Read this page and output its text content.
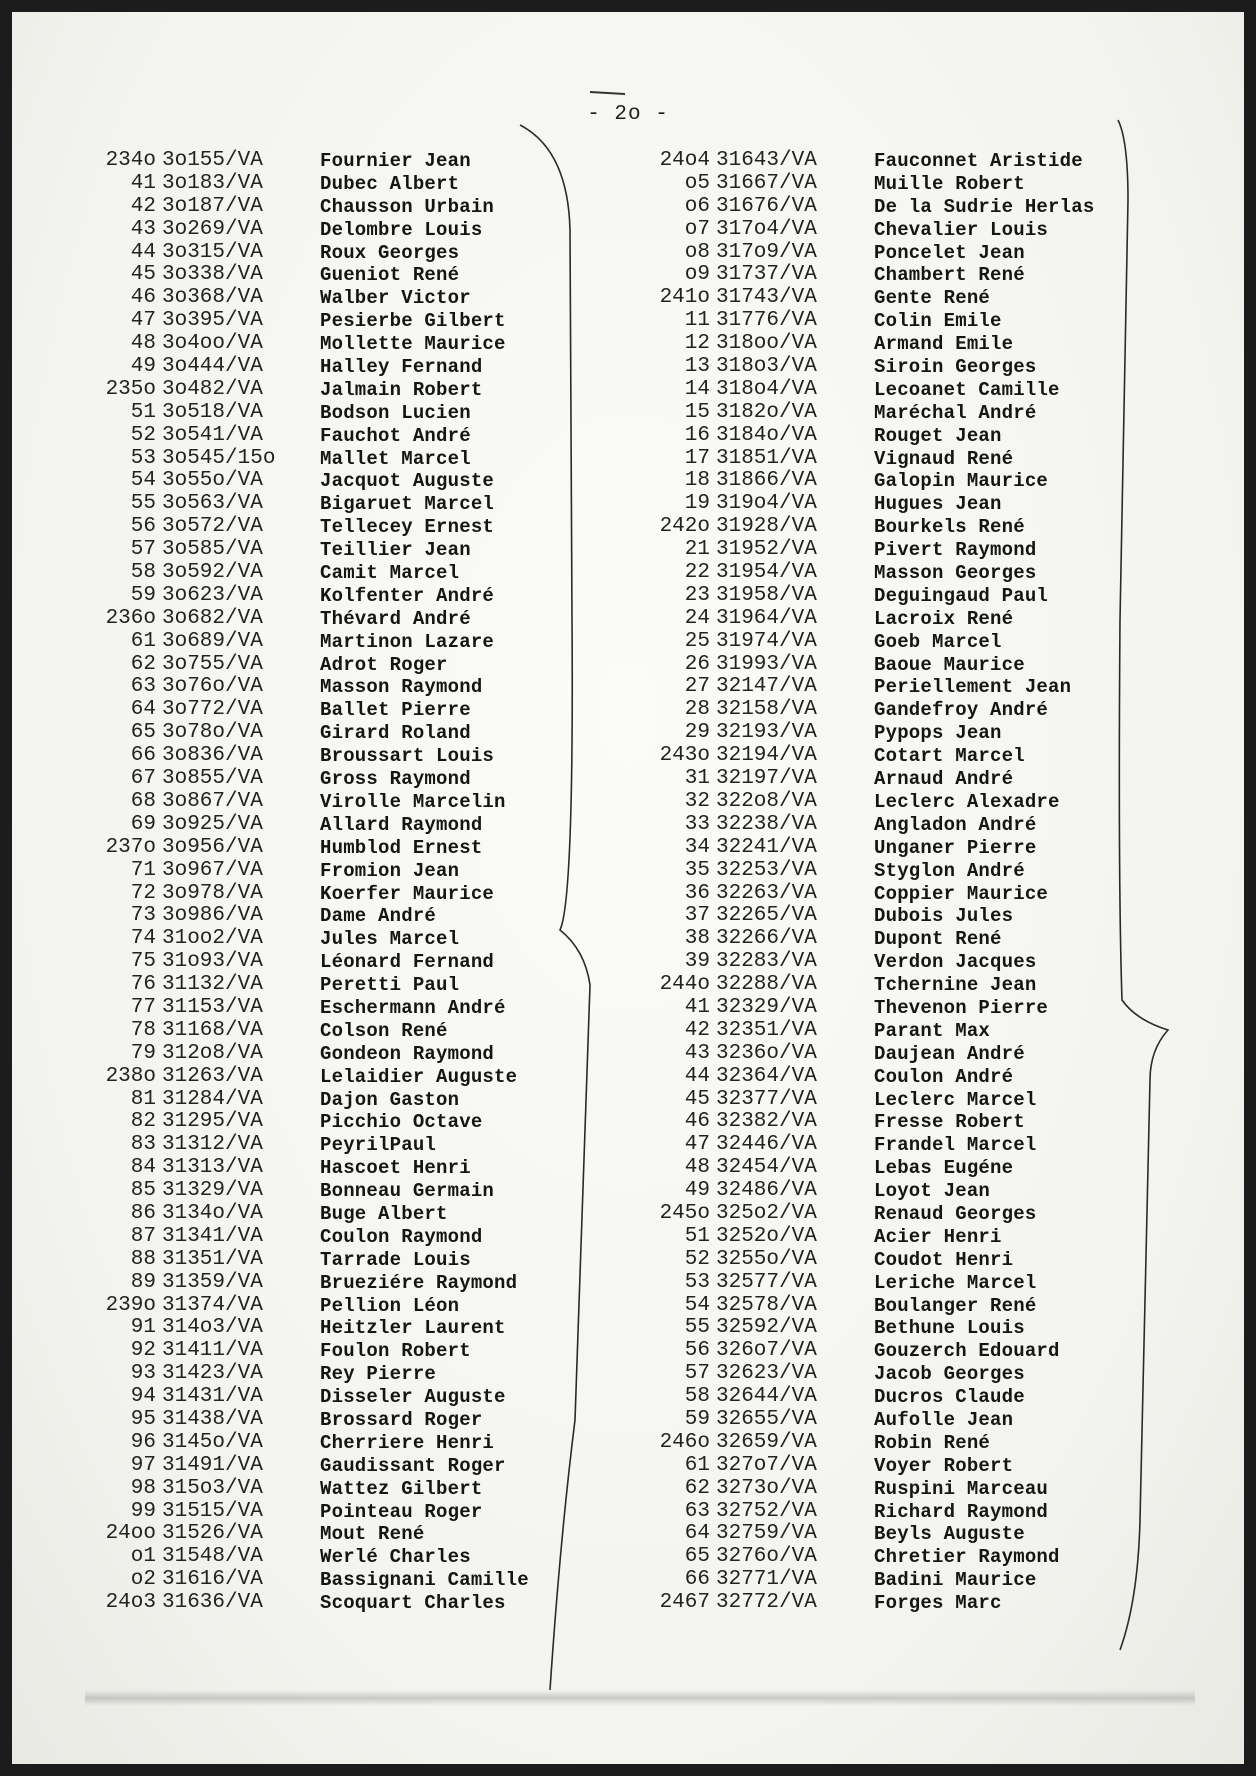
- 2o -
234o 3o155/VA	Fournier Jean
41 3o183/VA	Dubec Albert
42 3o187/VA	Chausson Urbain
43 3o269/VA	Delombre Louis
44 3o315/VA	Roux Georges
45 3o338/VA	Gueniot René
46 3o368/VA	Walber Victor
47 3o395/VA	Pesierbe Gilbert
48 3o4oo/VA	Mollette Maurice
49 3o444/VA	Halley Fernand
235o 3o482/VA	Jalmain Robert
51 3o518/VA	Bodson Lucien
52 3o541/VA	Fauchot André
53 3o545/15o	Mallet Marcel
54 3o55o/VA	Jacquot Auguste
55 3o563/VA	Bigaruet Marcel
56 3o572/VA	Tellecey Ernest
57 3o585/VA	Teillier Jean
58 3o592/VA	Camit Marcel
59 3o623/VA	Kolfenter André
236o 3o682/VA	Thévard André
61 3o689/VA	Martinon Lazare
62 3o755/VA	Adrot Roger
63 3o76o/VA	Masson Raymond
64 3o772/VA	Ballet Pierre
65 3o78o/VA	Girard Roland
66 3o836/VA	Broussart Louis
67 3o855/VA	Gross Raymond
68 3o867/VA	Virolle Marcelin
69 3o925/VA	Allard Raymond
237o 3o956/VA	Humblod Ernest
71 3o967/VA	Fromion Jean
72 3o978/VA	Koerfer Maurice
73 3o986/VA	Dame André
74 31oo2/VA	Jules Marcel
75 31o93/VA	Léonard Fernand
76 31132/VA	Peretti Paul
77 31153/VA	Eschermann André
78 31168/VA	Colson René
79 312o8/VA	Gondeon Raymond
238o 31263/VA	Lelaidier Auguste
81 31284/VA	Dajon Gaston
82 31295/VA	Picchio Octave
83 31312/VA	PeyrilPaul
84 31313/VA	Hascoet Henri
85 31329/VA	Bonneau Germain
86 3134o/VA	Buge Albert
87 31341/VA	Coulon Raymond
88 31351/VA	Tarrade Louis
89 31359/VA	Brueziére Raymond
239o 31374/VA	Pellion Léon
91 314o3/VA	Heitzler Laurent
92 31411/VA	Foulon Robert
93 31423/VA	Rey Pierre
94 31431/VA	Disseler Auguste
95 31438/VA	Brossard Roger
96 3145o/VA	Cherriere Henri
97 31491/VA	Gaudissant Roger
98 315o3/VA	Wattez Gilbert
99 31515/VA	Pointeau Roger
24oo 31526/VA	Mout René
o1 31548/VA	Werlé Charles
o2 31616/VA	Bassignani Camille
24o3 31636/VA	Scoquart Charles
24o4 31643/VA	Fauconnet Aristide
o5 31667/VA	Muille Robert
o6 31676/VA	De la Sudrie Herlas
o7 317o4/VA	Chevalier Louis
o8 317o9/VA	Poncelet Jean
o9 31737/VA	Chambert René
241o 31743/VA	Gente René
11 31776/VA	Colin Emile
12 318oo/VA	Armand Emile
13 318o3/VA	Siroin Georges
14 318o4/VA	Lecoanet Camille
15 3182o/VA	Maréchal André
16 3184o/VA	Rouget Jean
17 31851/VA	Vignaud René
18 31866/VA	Galopin Maurice
19 319o4/VA	Hugues Jean
242o 31928/VA	Bourkels René
21 31952/VA	Pivert Raymond
22 31954/VA	Masson Georges
23 31958/VA	Deguingaud Paul
24 31964/VA	Lacroix René
25 31974/VA	Goeb Marcel
26 31993/VA	Baoue Maurice
27 32147/VA	Periellement Jean
28 32158/VA	Gandefroy André
29 32193/VA	Pypops Jean
243o 32194/VA	Cotart Marcel
31 32197/VA	Arnaud André
32 322o8/VA	Leclerc Alexadre
33 32238/VA	Angladon André
34 32241/VA	Unganer Pierre
35 32253/VA	Styglon André
36 32263/VA	Coppier Maurice
37 32265/VA	Dubois Jules
38 32266/VA	Dupont René
39 32283/VA	Verdon Jacques
244o 32288/VA	Tchernine Jean
41 32329/VA	Thevenon Pierre
42 32351/VA	Parant Max
43 3236o/VA	Daujean André
44 32364/VA	Coulon André
45 32377/VA	Leclerc Marcel
46 32382/VA	Fresse Robert
47 32446/VA	Frandel Marcel
48 32454/VA	Lebas Eugéne
49 32486/VA	Loyot Jean
245o 325o2/VA	Renaud Georges
51 3252o/VA	Acier Henri
52 3255o/VA	Coudot Henri
53 32577/VA	Leriche Marcel
54 32578/VA	Boulanger René
55 32592/VA	Bethune Louis
56 326o7/VA	Gouzerch Edouard
57 32623/VA	Jacob Georges
58 32644/VA	Ducros Claude
59 32655/VA	Aufolle Jean
246o 32659/VA	Robin René
61 327o7/VA	Voyer Robert
62 3273o/VA	Ruspini Marceau
63 32752/VA	Richard Raymond
64 32759/VA	Beyls Auguste
65 3276o/VA	Chretier Raymond
66 32771/VA	Badini Maurice
2467 32772/VA	Forges Marc
